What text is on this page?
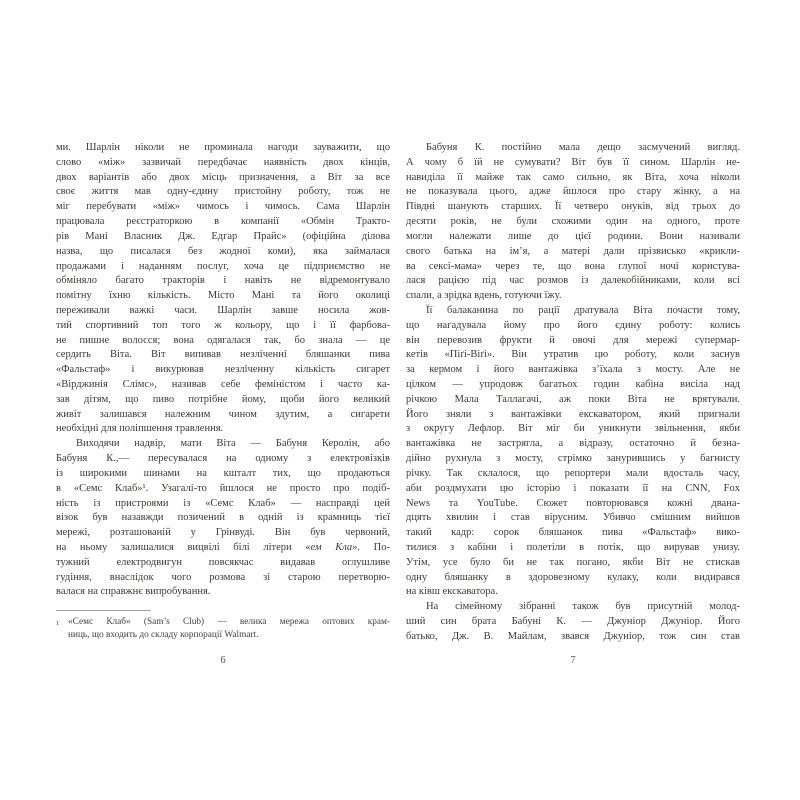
ми. Шарлін ніколи не проминала нагоди зауважити, що
слово «між» зазвичай передбачає наявність двох кінців,
двох варіантів або двох місць призначення, а Віт за все
своє життя мав одну-єдину пристойну роботу, тож не
міг перебувати «між» чимось і чимось. Сама Шарлін
працювала реєстраторкою в компанії «Обмін Тракто-
рів Мані Власник Дж. Едгар Прайс» (офіційна ділова
назва, що писалася без жодної коми), яка займалася
продажами і наданням послуг, хоча це підприємство не
обміняло багато тракторів і навіть не відремонтувало
помітну їхню кількість. Місто Мані та його околиці
переживали важкі часи. Шарлін завше носила жов-
тий спортивний топ того ж кольору, що і її фарбова-
не пишне волосся; вона одягалася так, бо знала — це
сердить Віта. Віт випивав незліченні бляшанки пива
«Фальстаф» і викурював незліченну кількість сигарет
«Вірджинія Слімс», називав себе феміністом і часто ка-
зав дітям, що пиво потрібне йому, щоби його великий
живіт залишався належним чином здутим, а сигарети
необхідні для поліпшення травлення.
Виходячи надвір, мати Віта — Бабуня Керолін, або
Бабуня К.,— пересувалася на одному з електровізків
із широкими шинами на кшталт тих, що продаються
в «Семс Клаб»¹. Узагалі-то йшлося не просто про подіб-
ність із пристроями із «Семс Клаб» — насправді цей
візок був назавжди позичений в одній із крамниць тієї
мережі, розташованій у Грінвуді. Він був червоний,
на ньому залишалися вицвілі білі літери «ем Кла». По-
тужний електродвигун повсякчас видавав оглушливе
гудіння, внаслідок чого розмова зі старою перетворю-
валася на справжнє випробування.
$^1$ «Семс Клаб» (Sam’s Club) — велика мережа оптових крам-
ниць, що входить до складу корпорації Walmart.
Бабуня К. постійно мала дещо засмучений вигляд.
А чому б їй не сумувати? Віт був її сином. Шарлін не-
навиділа її майже так само сильно, як Віта, хоча ніколи
не показувала цього, адже йшлося про стару жінку, а на
Півдні шанують старших. Її четверо онуків, від трьох до
десяти років, не були схожими один на одного, проте
могли належати лише до цієї родини. Вони називали
свого батька на ім’я, а матері дали прізвисько «крикли-
ва сексі-мама» через те, що вона глупої ночі користува-
лася рацією під час розмов із далекобійниками, коли всі
спали, а зрідка вдень, готуючи їжу.
Її балаканина по рації дратувала Віта почасти тому,
що нагадувала йому про його єдину роботу: колись
він перевозив фрукти й овочі для мережі супермар-
кетів «Піґі-Віґі». Він утратив цю роботу, коли заснув
за кермом і його вантажівка з’їхала з мосту. Але не
цілком — упродовж багатьох годин кабіна висіла над
річкою Мала Таллагачі, аж поки Віта не врятували.
Його зняли з вантажівки екскаватором, який пригнали
з округу Лефлор. Віт міг би уникнути звільнення, якби
вантажівка не застрягла, а відразу, остаточно й безна-
дійно рухнула з мосту, стрімко занурившись у багнисту
річку. Так склалося, що репортери мали вдосталь часу,
аби роздмухати цю історію і показати її на CNN, Fox
News та YouTube. Сюжет повторювався кожні двана-
дцять хвилин і став вірусним. Убивчо смішним вийшов
такий кадр: сорок бляшанок пива «Фальстаф» вико-
тилися з кабіни і полетіли в потік, що вирував унизу.
Утім, усе було би не так погано, якби Віт не стискав
одну бляшанку в здоровезному кулаку, коли видирався
на ківш екскаватора.
На сімейному зібранні також був присутній молод-
ший син брата Бабуні К. — Джуніор Джуніор. Його
батько, Дж. В. Майлам, звався Джуніор, тож син став
6	7
